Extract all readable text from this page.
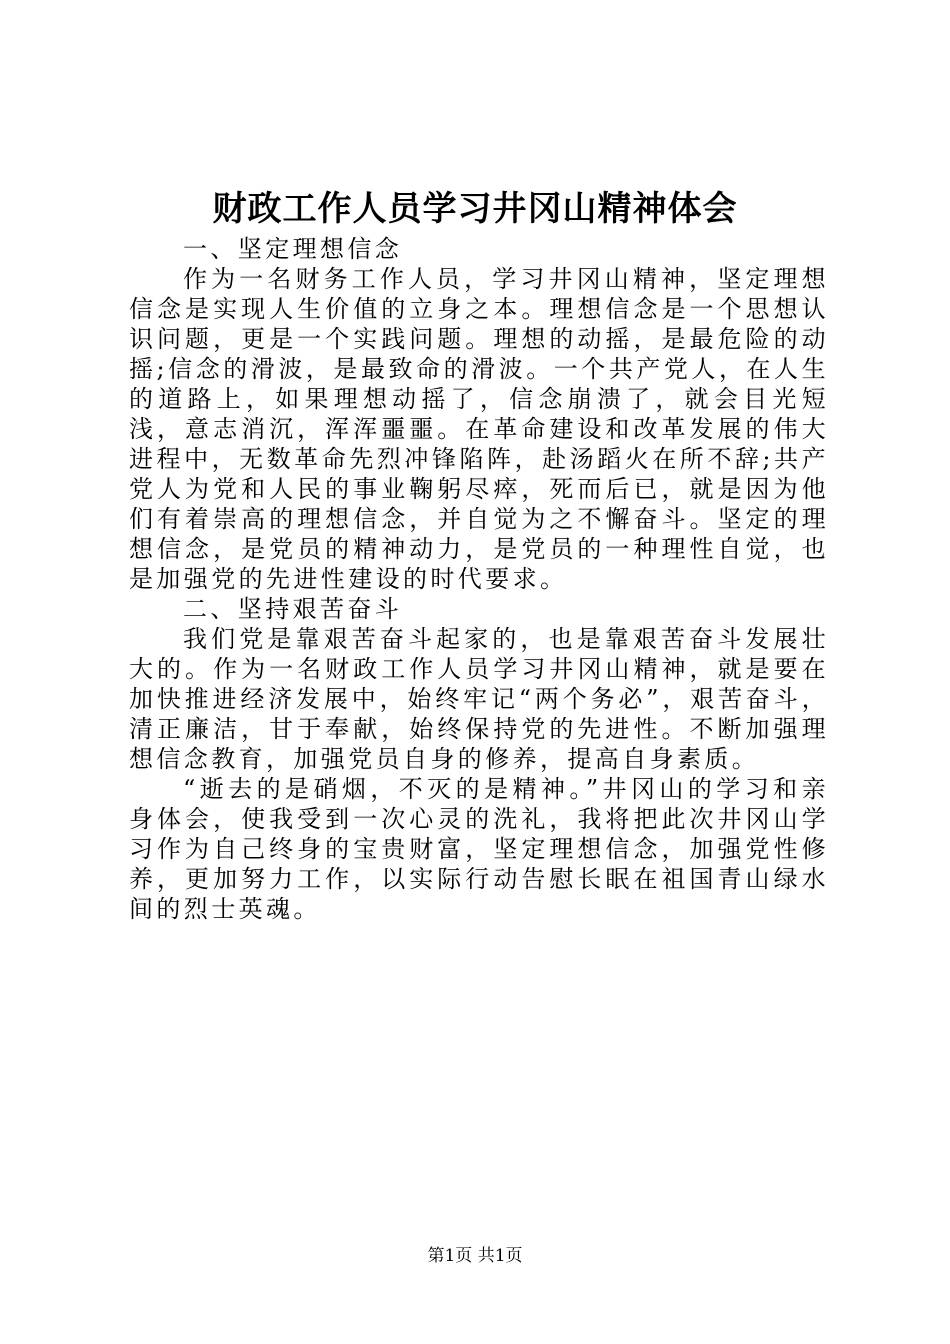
财政工作人员学习井冈山精神体会

一、坚定理想信念

作为一名财务工作人员，学习井冈山精神，坚定理想信念是实现人生价值的立身之本。理想信念是一个思想认识问题，更是一个实践问题。理想的动摇，是最危险的动摇;信念的滑波，是最致命的滑波。一个共产党人，在人生的道路上，如果理想动摇了，信念崩溃了，就会目光短浅，意志消沉，浑浑噩噩。在革命建设和改革发展的伟大进程中，无数革命先烈冲锋陷阵，赴汤蹈火在所不辞;共产党人为党和人民的事业鞠躬尽瘁，死而后已，就是因为他们有着崇高的理想信念，并自觉为之不懈奋斗。坚定的理想信念，是党员的精神动力，是党员的一种理性自觉，也是加强党的先进性建设的时代要求。

二、坚持艰苦奋斗

我们党是靠艰苦奋斗起家的，也是靠艰苦奋斗发展壮大的。作为一名财政工作人员学习井冈山精神，就是要在加快推进经济发展中，始终牢记“两个务必”，艰苦奋斗，清正廉洁，甘于奉献，始终保持党的先进性。不断加强理想信念教育，加强党员自身的修养，提高自身素质。

“逝去的是硝烟，不灭的是精神。”井冈山的学习和亲身体会，使我受到一次心灵的洗礼，我将把此次井冈山学习作为自己终身的宝贵财富，坚定理想信念，加强党性修养，更加努力工作，以实际行动告慰长眠在祖国青山绿水间的烈士英魂。

第1页 共1页
